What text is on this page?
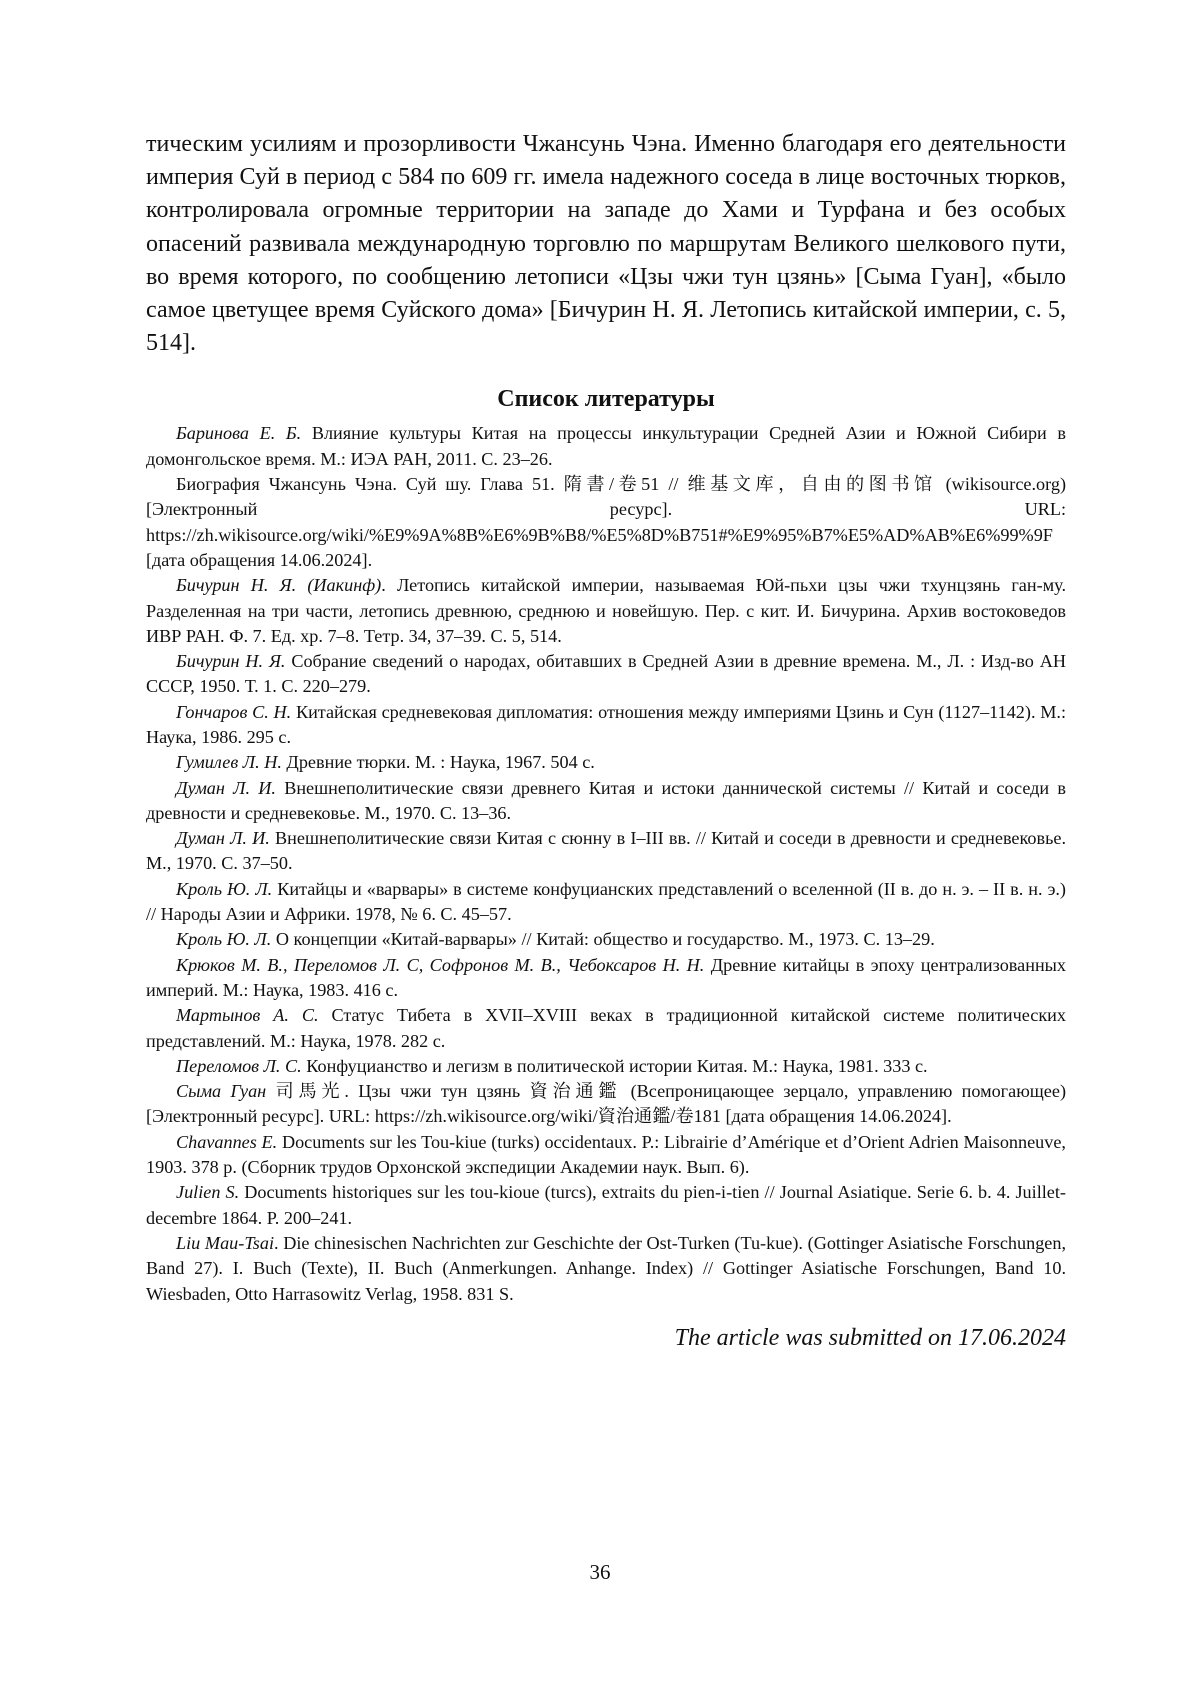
тическим усилиям и прозорливости Чжансунь Чэна. Именно благодаря его деятельности империя Суй в период с 584 по 609 гг. имела надежного соседа в лице восточных тюрков, контролировала огромные территории на западе до Хами и Турфана и без особых опасений развивала международную торговлю по маршрутам Великого шелкового пути, во время которого, по сообщению летописи «Цзы чжи тун цзянь» [Сыма Гуан], «было самое цветущее время Суйского дома» [Бичурин Н. Я. Летопись китайской империи, с. 5, 514].

Список литературы

Баринова Е. Б. Влияние культуры Китая на процессы инкультурации Средней Азии и Южной Сибири в домонгольское время. М.: ИЭА РАН, 2011. С. 23–26.

Биография Чжансунь Чэна. Суй шу. Глава 51. 隋書/卷51 // 维基文库，自由的图书馆 (wikisource.org) [Электронный ресурс]. URL: https://zh.wikisource.org/wiki/%E9%9A%8B%E6%9B%B8/%E5%8D%B751#%E9%95%B7%E5%AD%AB%E6%99%9F [дата обращения 14.06.2024].

Бичурин Н. Я. (Иакинф). Летопись китайской империи, называемая Юй-пьхи цзы чжи тхунцзянь ган-му. Разделенная на три части, летопись древнюю, среднюю и новейшую. Пер. с кит. И. Бичурина. Архив востоковедов ИВР РАН. Ф. 7. Ед. хр. 7–8. Тетр. 34, 37–39. С. 5, 514.

Бичурин Н. Я. Собрание сведений о народах, обитавших в Средней Азии в древние времена. М., Л. : Изд-во АН СССР, 1950. Т. 1. С. 220–279.

Гончаров С. Н. Китайская средневековая дипломатия: отношения между империями Цзинь и Сун (1127–1142). М.: Наука, 1986. 295 с.

Гумилев Л. Н. Древние тюрки. М. : Наука, 1967. 504 с.

Думан Л. И. Внешнеполитические связи древнего Китая и истоки даннической системы // Китай и соседи в древности и средневековье. М., 1970. С. 13–36.

Думан Л. И. Внешнеполитические связи Китая с сюнну в I–III вв. // Китай и соседи в древности и средневековье. М., 1970. С. 37–50.

Кроль Ю. Л. Китайцы и «варвары» в системе конфуцианских представлений о вселенной (II в. до н. э. – II в. н. э.) // Народы Азии и Африки. 1978, № 6. С. 45–57.

Кроль Ю. Л. О концепции «Китай-варвары» // Китай: общество и государство. М., 1973. С. 13–29.

Крюков М. В., Переломов Л. С, Софронов М. В., Чебоксаров Н. Н. Древние китайцы в эпоху централизованных империй. М.: Наука, 1983. 416 с.

Мартынов А. С. Статус Тибета в XVII–XVIII веках в традиционной китайской системе политических представлений. М.: Наука, 1978. 282 с.

Переломов Л. С. Конфуцианство и легизм в политической истории Китая. М.: Наука, 1981. 333 с.

Сыма Гуан 司馬光. Цзы чжи тун цзянь 資治通鑑 (Всепроницающее зерцало, управлению помогающее) [Электронный ресурс]. URL: https://zh.wikisource.org/wiki/資治通鑑/卷181 [дата обращения 14.06.2024].

Chavannes E. Documents sur les Tou-kiue (turks) occidentaux. P.: Librairie d’Amérique et d’Orient Adrien Maisonneuve, 1903. 378 p. (Сборник трудов Орхонской экспедиции Академии наук. Вып. 6).

Julien S. Documents historiques sur les tou-kioue (turcs), extraits du pien-i-tien // Journal Asiatique. Serie 6. b. 4. Juillet-decembre 1864. P. 200–241.

Liu Mau-Tsai. Die chinesischen Nachrichten zur Geschichte der Ost-Turken (Tu-kue). (Gottinger Asiatische Forschungen, Band 27). I. Buch (Texte), II. Buch (Anmerkungen. Anhange. Index) // Gottinger Asiatische Forschungen, Band 10. Wiesbaden, Otto Harrasowitz Verlag, 1958. 831 S.

The article was submitted on 17.06.2024

36
